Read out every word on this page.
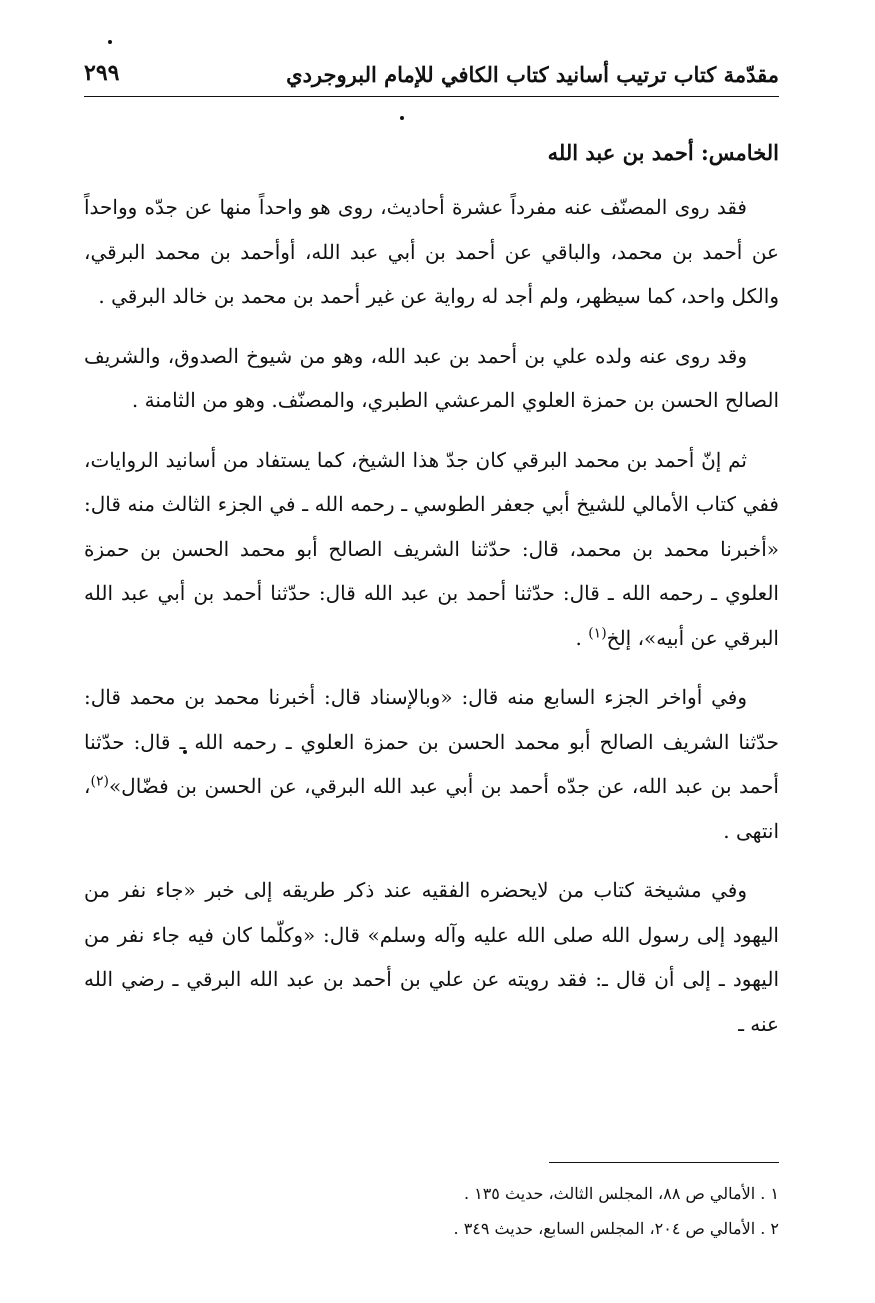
مقدّمة كتاب ترتيب أسانيد كتاب الكافي للإمام البروجردي
٢٩٩
الخامس: أحمد بن عبد الله

فقد روى المصنّف عنه مفرداً عشرة أحاديث، روى هو واحداً منها عن جدّه وواحداً عن أحمد بن محمد، والباقي عن أحمد بن أبي عبد الله، أوأحمد بن محمد البرقي، والكل واحد، كما سيظهر، ولم أجد له رواية عن غير أحمد بن محمد بن خالد البرقي .

وقد روى عنه ولده علي بن أحمد بن عبد الله، وهو من شيوخ الصدوق، والشريف الصالح الحسن بن حمزة العلوي المرعشي الطبري، والمصنّف. وهو من الثامنة .

ثم إنّ أحمد بن محمد البرقي كان جدّ هذا الشيخ، كما يستفاد من أسانيد الروايات، ففي كتاب الأمالي للشيخ أبي جعفر الطوسي ـ رحمه الله ـ في الجزء الثالث منه قال: «أخبرنا محمد بن محمد، قال: حدّثنا الشريف الصالح أبو محمد الحسن بن حمزة العلوي ـ رحمه الله ـ قال: حدّثنا أحمد بن عبد الله قال: حدّثنا أحمد بن أبي عبد الله البرقي عن أبيه»، إلخ$^{(١)}$ .

وفي أواخر الجزء السابع منه قال: «وبالإسناد قال: أخبرنا محمد بن محمد قال: حدّثنا الشريف الصالح أبو محمد الحسن بن حمزة العلوي ـ رحمه الله ـ قال: حدّثنا أحمد بن عبد الله، عن جدّه أحمد بن أبي عبد الله البرقي، عن الحسن بن فضّال»$^{(٢)}$، انتهى .

وفي مشيخة كتاب من لايحضره الفقيه عند ذكر طريقه إلى خبر «جاء نفر من اليهود إلى رسول الله صلى الله عليه وآله وسلم» قال: «وكلّما كان فيه جاء نفر من اليهود ـ إلى أن قال ـ: فقد رويته عن علي بن أحمد بن عبد الله البرقي ـ رضي الله عنه ـ

١ . الأمالي ص ٨٨، المجلس الثالث، حديث ١٣٥ .
٢ . الأمالي ص ٢٠٤، المجلس السابع، حديث ٣٤٩ .
